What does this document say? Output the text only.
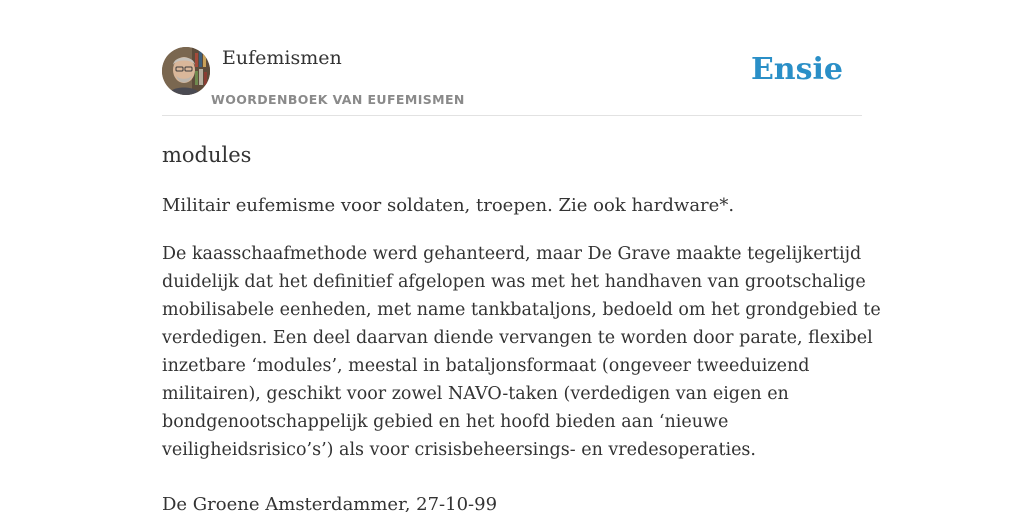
Eufemismen
WOORDENBOEK VAN EUFEMISMEN
Ensie
modules
Militair eufemisme voor soldaten, troepen. Zie ook hardware*.

De kaasschaafmethode werd gehanteerd, maar De Grave maakte tegelijkertijd
duidelijk dat het definitief afgelopen was met het handhaven van grootschalige
mobilisabele eenheden, met name tankbataljons, bedoeld om het grondgebied te
verdedigen. Een deel daarvan diende vervangen te worden door parate, flexibel
inzetbare ‘modules’, meestal in bataljonsformaat (ongeveer tweeduizend
militairen), geschikt voor zowel NAVO-taken (verdedigen van eigen en
bondgenootschappelijk gebied en het hoofd bieden aan ‘nieuwe
veiligheidsrisico’s’) als voor crisisbeheersings- en vredesoperaties.

De Groene Amsterdammer, 27-10-99
